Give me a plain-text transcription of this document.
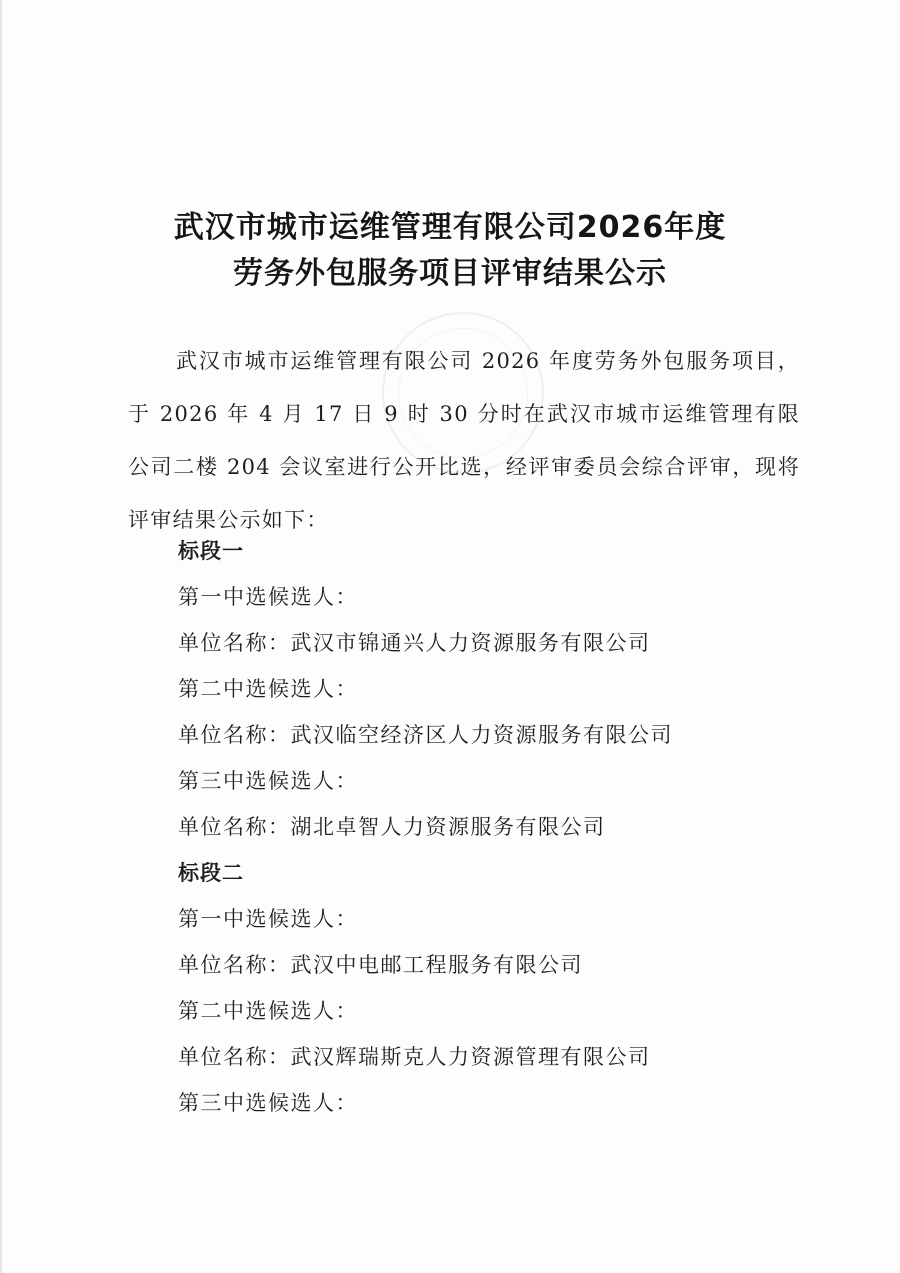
武汉市城市运维管理有限公司2026年度
劳务外包服务项目评审结果公示

武汉市城市运维管理有限公司 2026 年度劳务外包服务项目，于 2026 年 4 月 17 日 9 时 30 分时在武汉市城市运维管理有限公司二楼 204 会议室进行公开比选，经评审委员会综合评审，现将评审结果公示如下：

标段一
第一中选候选人：
单位名称：武汉市锦通兴人力资源服务有限公司
第二中选候选人：
单位名称：武汉临空经济区人力资源服务有限公司
第三中选候选人：
单位名称：湖北卓智人力资源服务有限公司
标段二
第一中选候选人：
单位名称：武汉中电邮工程服务有限公司
第二中选候选人：
单位名称：武汉辉瑞斯克人力资源管理有限公司
第三中选候选人：
